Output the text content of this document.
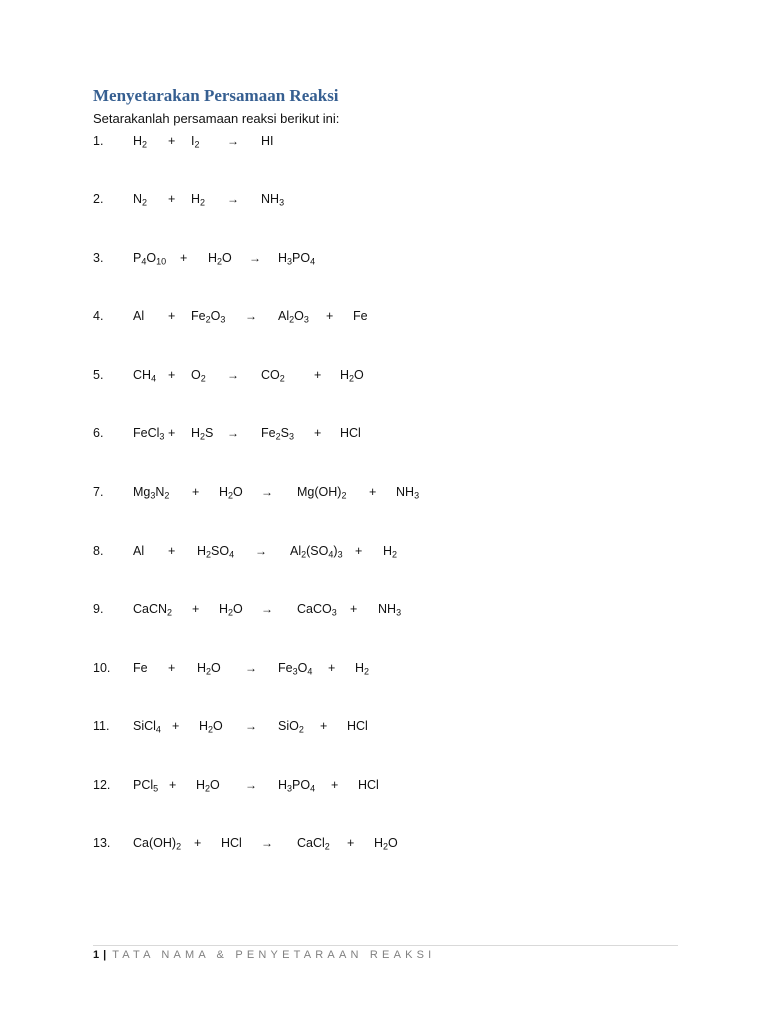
Menyetarakan Persamaan Reaksi

Setarakanlah persamaan reaksi berikut ini:

1. $H_2 + I_2$ → HI
2. $N_2 + H_2 \to NH_3$
3. $P_4O_{10} + H_2O \to H_3PO_4$
4. $Al + Fe_2O_3 \to Al_2O_3 + Fe$
5. $CH_4 + O_2 \to CO_2 + H_2O$
6. FeCl$_3$ + $H_2S \to Fe_2S_3$ + HCl
7. $Mg_3N_2 + H_2O \to Mg(OH)_2 + NH_3$
8. $Al + H_2SO_4 \to Al_2(SO_4)_3 + H_2$
9. CaCN$_2$ + $H_2O$ → CaCO$_3$ + $NH_3$
10. $Fe + H_2O \to Fe_3O_4 + H_2$
11. SiCl$_4$ + $H_2O \to SiO_2$ + HCl
12. $PCl_5 + H_2O \to H_3PO_4$ + HCl
13. $Ca(OH)_2$ + HCl → CaCl$_2$ + $H_2O$
1 | TATA NAMA & PENYETARAAN REAKSI
